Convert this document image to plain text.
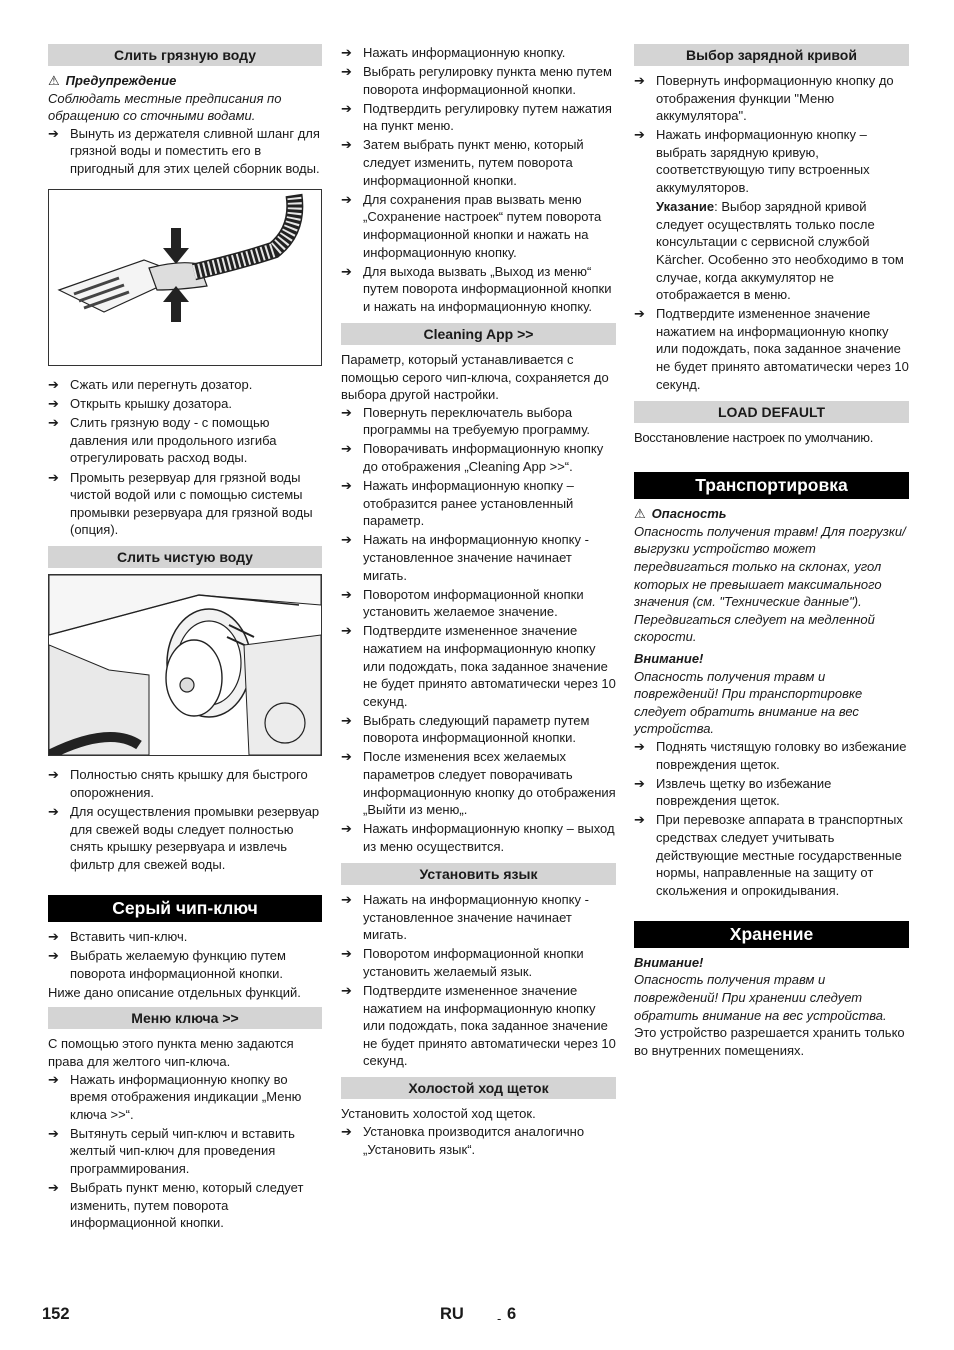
Слить грязную воду

⚠ Предупреждение

Соблюдать местные предписания по обращению со сточными водами.

➔ Вынуть из держателя сливной шланг для грязной воды и поместить его в пригодный для этих целей сборник воды.
➔ Сжать или перегнуть дозатор.
➔ Открыть крышку дозатора.
➔ Слить грязную воду - с помощью давления или продольного изгиба отрегулировать расход воды.
➔ Промыть резервуар для грязной воды чистой водой или с помощью системы промывки резервуара для грязной воды (опция).
Слить чистую воду
➔ Полностью снять крышку для быстрого опорожнения.
➔ Для осуществления промывки резервуар для свежей воды следует полностью снять крышку резервуара и извлечь фильтр для свежей воды.
Серый чип-ключ
➔ Вставить чип-ключ.
➔ Выбрать желаемую функцию путем поворота информационной кнопки.

Ниже дано описание отдельных функций.

Меню ключа >>

С помощью этого пункта меню задаются права для желтого чип-ключа.

➔ Нажать информационную кнопку во время отображения индикации „Меню ключа >>“.
➔ Вытянуть серый чип-ключ и вставить желтый чип-ключ для проведения программирования.
➔ Выбрать пункт меню, который следует изменить, путем поворота информационной кнопки.
➔ Нажать информационную кнопку.
➔ Выбрать регулировку пункта меню путем поворота информационной кнопки.
➔ Подтвердить регулировку путем нажатия на пункт меню.
➔ Затем выбрать пункт меню, который следует изменить, путем поворота информационной кнопки.
➔ Для сохранения прав вызвать меню „Сохранение настроек“ путем поворота информационной кнопки и нажать на информационную кнопку.
➔ Для выхода вызвать „Выход из меню“ путем поворота информационной кнопки и нажать на информационную кнопку.
Cleaning App >>

Параметр, который устанавливается с помощью серого чип-ключа, сохраняется до выбора другой настройки.

➔ Повернуть переключатель выбора программы на требуемую программу.
➔ Поворачивать информационную кнопку до отображения „Cleaning App >>“.
➔ Нажать информационную кнопку – отобразится ранее установленный параметр.
➔ Нажать на информационную кнопку - установленное значение начинает мигать.
➔ Поворотом информационной кнопки установить желаемое значение.
➔ Подтвердите измененное значение нажатием на информационную кнопку или подождать, пока заданное значение не будет принято автоматически через 10 секунд.
➔ Выбрать следующий параметр путем поворота информационной кнопки.
➔ После изменения всех желаемых параметров следует поворачивать информационную кнопку до отображения „Выйти из меню„.
➔ Нажать информационную кнопку – выход из меню осуществится.
Установить язык
➔ Нажать на информационную кнопку - установленное значение начинает мигать.
➔ Поворотом информационной кнопки установить желаемый язык.
➔ Подтвердите измененное значение нажатием на информационную кнопку или подождать, пока заданное значение не будет принято автоматически через 10 секунд.
Холостой ход щеток

Установить холостой ход щеток.

➔ Установка производится аналогично „Установить язык“.
Выбор зарядной кривой
➔ Повернуть информационную кнопку до отображения функции "Меню аккумулятора".
➔ Нажать информационную кнопку – выбрать зарядную кривую, соответствующую типу встроенных аккумуляторов.

Указание: Выбор зарядной кривой следует осуществлять только после консультации с сервисной службой Kärcher. Особенно это необходимо в том случае, когда аккумулятор не отображается в меню.

➔ Подтвердите измененное значение нажатием на информационную кнопку или подождать, пока заданное значение не будет принято автоматически через 10 секунд.
LOAD DEFAULT

Восстановление настроек по умолчанию.

Транспортировка

⚠ Опасность

Опасность получения травм! Для погрузки/выгрузки устройство может передвигаться только на склонах, угол которых не превышает максимального значения (см. "Технические данные"). Передвигаться следует на медленной скорости.

Внимание!

Опасность получения травм и повреждений! При транспортировке следует обратить внимание на вес устройства.

➔ Поднять чистящую головку во избежание повреждения щеток.
➔ Извлечь щетку во избежание повреждения щеток.
➔ При перевозке аппарата в транспортных средствах следует учитывать действующие местные государственные нормы, направленные на защиту от скольжения и опрокидывания.
Хранение

Внимание!

Опасность получения травм и повреждений! При хранении следует обратить внимание на вес устройства.

Это устройство разрешается хранить только во внутренних помещениях.

152	RU	- 6
